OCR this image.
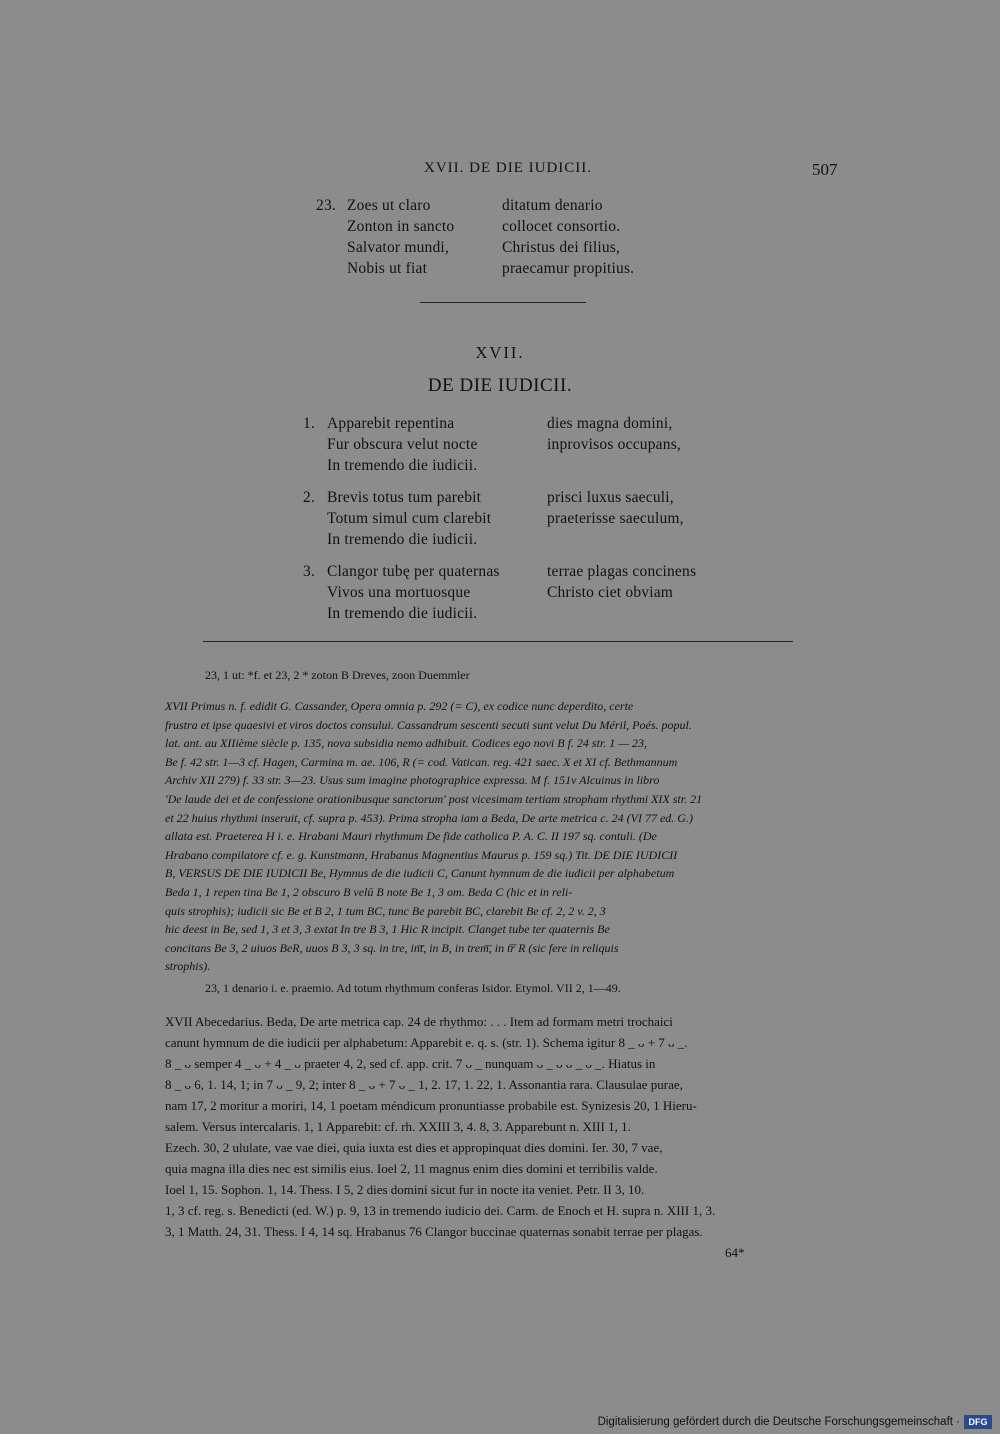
XVII. DE DIE IUDICII.	507
23. Zoes ut claro
Zonton in sancto
Salvator mundi,
Nobis ut fiat
ditatum denario
collocet consortio.
Christus dei filius,
praecamur propitius.
XVII.
DE DIE IUDICII.
1. Apparebit repentina
Fur obscura velut nocte
In tremendo die iudicii.
dies magna domini,
inprovisos occupans,
2. Brevis totus tum parebit
Totum simul cum clarebit
In tremendo die iudicii.
prisci luxus saeculi,
praeterisse saeculum,
3. Clangor tubę per quaternas
Vivos una mortuosque
In tremendo die iudicii.
terrae plagas concinens
Christo ciet obviam
23, 1 ut: *f. et 23, 2 * zoton B Dreves, zoon Duemmler
XVII Primus n. f. edidit G. Cassander, Opera omnia p. 292 (= C), ex codice nunc deperdito, certe
frustra et ipse quaesivi et viros doctos consului. Cassandrum sescenti secuti sunt velut Du Méril, Poés. popul.
lat. ant. au XIIième siècle p. 135, nova subsidia nemo adhibuit. Codices ego novi B f. 24 str. 1 — 23,
Be f. 42 str. 1—3 cf. Hagen, Carmina m. ae. 106, R (= cod. Vatican. reg. 421 saec. X et XI cf. Bethmannum
Archiv XII 279) f. 33 str. 3—23. Usus sum imagine photographice expressa. M f. 151v Alcuinus in libro
'De laude dei et de confessione orationibusque sanctorum' post vicesimam tertiam stropham rhythmi XIX str. 21
et 22 huius rhythmi inseruit, cf. supra p. 453). Prima stropha iam a Beda, De arte metrica c. 24 (VI 77 ed. G.)
allata est. Praeterea H i. e. Hrabani Mauri rhythmum De fide catholica P. A. C. II 197 sq. contuli. (De
Hrabano compilatore cf. e. g. Kunstmann, Hrabanus Magnentius Maurus p. 159 sq.) Tit. DE DIE IUDICII
B, VERSUS DE DIE IUDICII Be, Hymnus de die iudicii C, Canunt hymnum de die iudicii per alphabetum
Beda 1, 1 repen tina Be 1, 2 obscuro B velū B note Be 1, 3 om. Beda C (hic et in reli-
quis strophis); iudicii sic Be et B 2, 1 tum BC, tunc Be parebit BC, clarebit Be cf. 2, 2 v. 2, 3
hic deest in Be, sed 1, 3 et 3, 3 extat In tre B 3, 1 Hic R incipit. Clanget tube ter quaternis Be
concitans Be 3, 2 uiuos BeR, uuos B 3, 3 sq. in tre, in͞t, in B, in trem͞, in t͞r R (sic fere in reliquis
strophis).
23, 1 denario i. e. praemio. Ad totum rhythmum conferas Isidor. Etymol. VII 2, 1—49.
XVII Abecedarius. Beda, De arte metrica cap. 24 de rhythmo: . . . Item ad formam metri trochaici
canunt hymnum de die iudicii per alphabetum: Apparebit e. q. s. (str. 1). Schema igitur 8 _ ᴗ + 7 ᴗ _.
8 _ ᴗ semper 4 _ ᴗ + 4 _ ᴗ praeter 4, 2, sed cf. app. crit. 7 ᴗ _ nunquam ᴗ _ ᴗ ᴗ _ ᴗ _. Hiatus in
8 _ ᴗ 6, 1. 14, 1; in 7 ᴗ _ 9, 2; inter 8 _ ᴗ + 7 ᴗ _ 1, 2. 17, 1. 22, 1. Assonantia rara. Clausulae purae,
nam 17, 2 moritur a moriri, 14, 1 poetam méndicum pronuntiasse probabile est. Synizesis 20, 1 Hieru-
salem. Versus intercalaris. 1, 1 Apparebit: cf. rh. XXIII 3, 4. 8, 3. Apparebunt n. XIII 1, 1.
Ezech. 30, 2 ululate, vae vae diei, quia iuxta est dies et appropinquat dies domini. Ier. 30, 7 vae,
quia magna illa dies nec est similis eius. Ioel 2, 11 magnus enim dies domini et terribilis valde.
Ioel 1, 15. Sophon. 1, 14. Thess. I 5, 2 dies domini sicut fur in nocte ita veniet. Petr. II 3, 10.
1, 3 cf. reg. s. Benedicti (ed. W.) p. 9, 13 in tremendo iudicio dei. Carm. de Enoch et H. supra n. XIII 1, 3.
3, 1 Matth. 24, 31. Thess. I 4, 14 sq. Hrabanus 76 Clangor buccinae quaternas sonabit terrae per plagas.
64*
Digitalisierung gefördert durch die Deutsche Forschungsgemeinschaft · DFG
